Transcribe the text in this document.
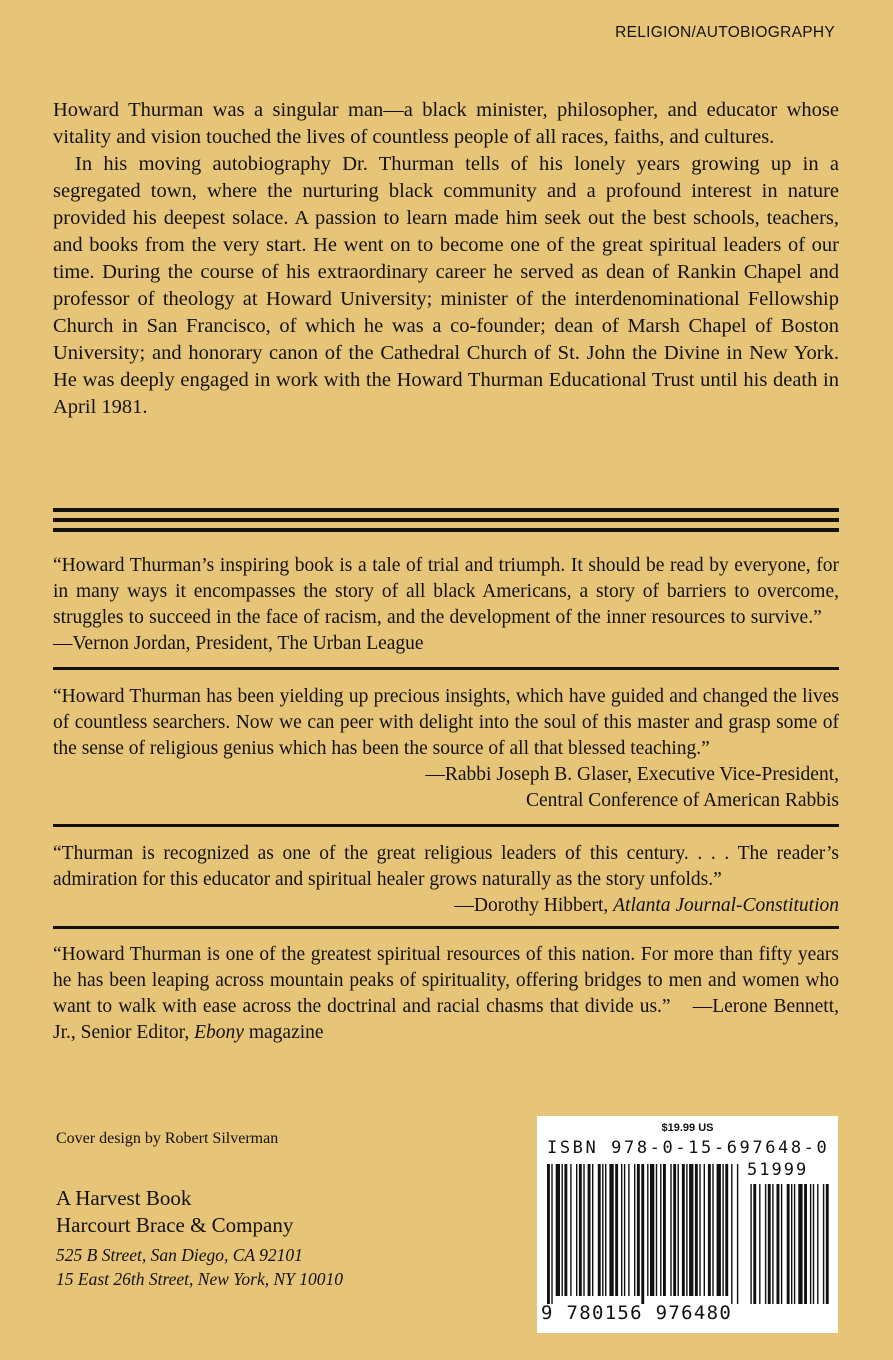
RELIGION/AUTOBIOGRAPHY

Howard Thurman was a singular man—a black minister, philosopher, and educator whose vitality and vision touched the lives of countless people of all races, faiths, and cultures.

In his moving autobiography Dr. Thurman tells of his lonely years growing up in a segregated town, where the nurturing black community and a profound interest in nature provided his deepest solace. A passion to learn made him seek out the best schools, teachers, and books from the very start. He went on to become one of the great spiritual leaders of our time. During the course of his extraordinary career he served as dean of Rankin Chapel and professor of theology at Howard University; minister of the interdenominational Fellowship Church in San Francisco, of which he was a co-founder; dean of Marsh Chapel of Boston University; and honorary canon of the Cathedral Church of St. John the Divine in New York. He was deeply engaged in work with the Howard Thurman Educational Trust until his death in April 1981.

“Howard Thurman’s inspiring book is a tale of trial and triumph. It should be read by everyone, for in many ways it encompasses the story of all black Americans, a story of barriers to overcome, struggles to succeed in the face of racism, and the development of the inner resources to survive.”  —Vernon Jordan, President, The Urban League

“Howard Thurman has been yielding up precious insights, which have guided and changed the lives of countless searchers. Now we can peer with delight into the soul of this master and grasp some of the sense of religious genius which has been the source of all that blessed teaching.”

—Rabbi Joseph B. Glaser, Executive Vice-President,

Central Conference of American Rabbis

“Thurman is recognized as one of the great religious leaders of this century. . . . The reader’s admiration for this educator and spiritual healer grows naturally as the story unfolds.”

—Dorothy Hibbert, Atlanta Journal-Constitution

“Howard Thurman is one of the greatest spiritual resources of this nation. For more than fifty years he has been leaping across mountain peaks of spirituality, offering bridges to men and women who want to walk with ease across the doctrinal and racial chasms that divide us.” —Lerone Bennett, Jr., Senior Editor, Ebony magazine

Cover design by Robert Silverman
A Harvest Book
Harcourt Brace & Company
525 B Street, San Diego, CA 92101
15 East 26th Street, New York, NY 10010
$19.99 US
ISBN 978-0-15-697648-0
51999
9 780156 976480
